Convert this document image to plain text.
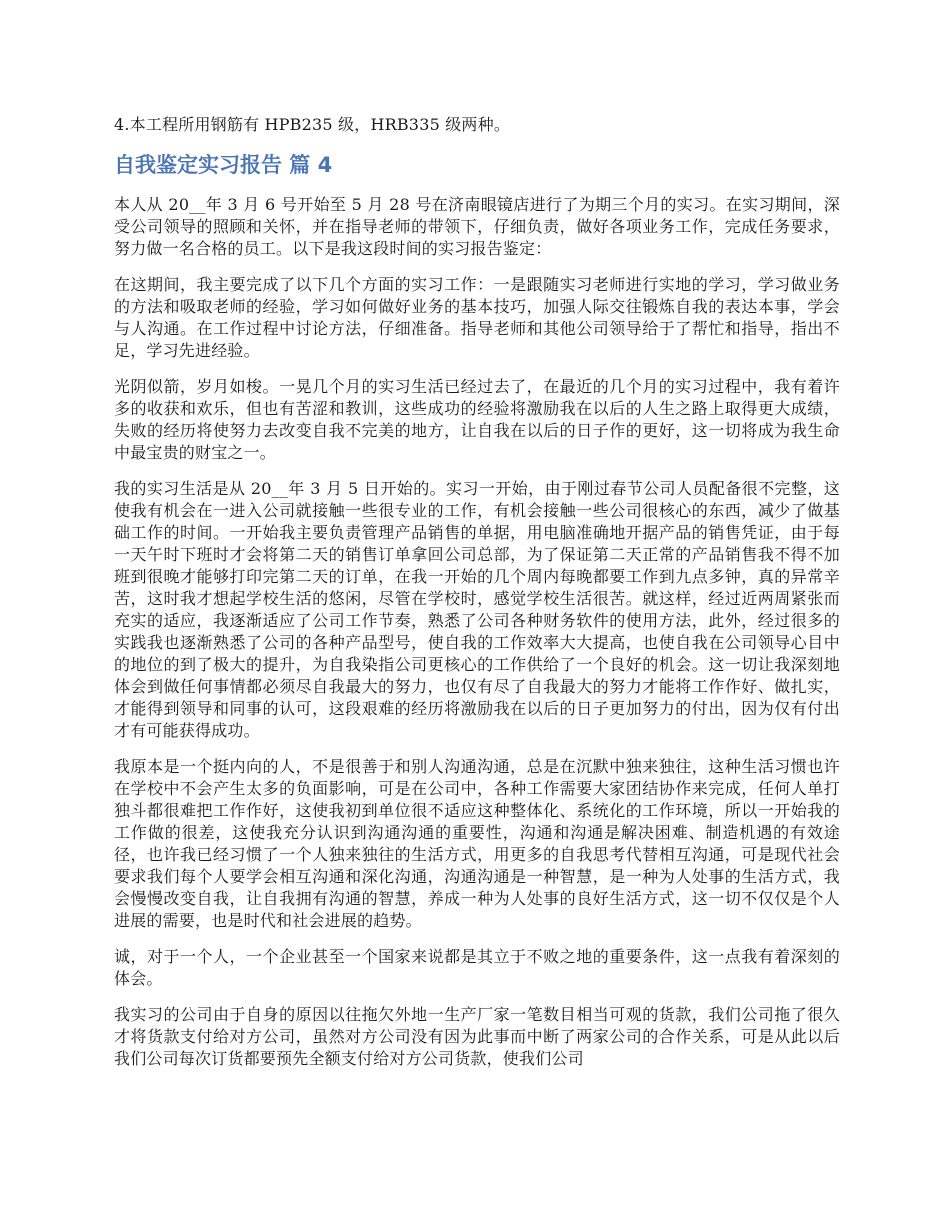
4.本工程所用钢筋有 HPB235 级，HRB335 级两种。

自我鉴定实习报告 篇 4

本人从 20__年 3 月 6 号开始至 5 月 28 号在济南眼镜店进行了为期三个月的实习。在实习期间，深受公司领导的照顾和关怀，并在指导老师的带领下，仔细负责，做好各项业务工作，完成任务要求，努力做一名合格的员工。以下是我这段时间的实习报告鉴定：

在这期间，我主要完成了以下几个方面的实习工作：一是跟随实习老师进行实地的学习，学习做业务的方法和吸取老师的经验，学习如何做好业务的基本技巧，加强人际交往锻炼自我的表达本事，学会与人沟通。在工作过程中讨论方法，仔细准备。指导老师和其他公司领导给于了帮忙和指导，指出不足，学习先进经验。

光阴似箭，岁月如梭。一晃几个月的实习生活已经过去了，在最近的几个月的实习过程中，我有着许多的收获和欢乐，但也有苦涩和教训，这些成功的经验将激励我在以后的人生之路上取得更大成绩，失败的经历将使努力去改变自我不完美的地方，让自我在以后的日子作的更好，这一切将成为我生命中最宝贵的财宝之一。

我的实习生活是从 20__年 3 月 5 日开始的。实习一开始，由于刚过春节公司人员配备很不完整，这使我有机会在一进入公司就接触一些很专业的工作，有机会接触一些公司很核心的东西，减少了做基础工作的时间。一开始我主要负责管理产品销售的单据，用电脑准确地开据产品的销售凭证，由于每一天午时下班时才会将第二天的销售订单拿回公司总部，为了保证第二天正常的产品销售我不得不加班到很晚才能够打印完第二天的订单，在我一开始的几个周内每晚都要工作到九点多钟，真的异常辛苦，这时我才想起学校生活的悠闲，尽管在学校时，感觉学校生活很苦。就这样，经过近两周紧张而充实的适应，我逐渐适应了公司工作节奏，熟悉了公司各种财务软件的使用方法，此外，经过很多的实践我也逐渐熟悉了公司的各种产品型号，使自我的工作效率大大提高，也使自我在公司领导心目中的地位的到了极大的提升，为自我染指公司更核心的工作供给了一个良好的机会。这一切让我深刻地体会到做任何事情都必须尽自我最大的努力，也仅有尽了自我最大的努力才能将工作作好、做扎实，才能得到领导和同事的认可，这段艰难的经历将激励我在以后的日子更加努力的付出，因为仅有付出才有可能获得成功。

我原本是一个挺内向的人，不是很善于和别人沟通沟通，总是在沉默中独来独往，这种生活习惯也许在学校中不会产生太多的负面影响，可是在公司中，各种工作需要大家团结协作来完成，任何人单打独斗都很难把工作作好，这使我初到单位很不适应这种整体化、系统化的工作环境，所以一开始我的工作做的很差，这使我充分认识到沟通沟通的重要性，沟通和沟通是解决困难、制造机遇的有效途径，也许我已经习惯了一个人独来独往的生活方式，用更多的自我思考代替相互沟通，可是现代社会要求我们每个人要学会相互沟通和深化沟通，沟通沟通是一种智慧，是一种为人处事的生活方式，我会慢慢改变自我，让自我拥有沟通的智慧，养成一种为人处事的良好生活方式，这一切不仅仅是个人进展的需要，也是时代和社会进展的趋势。

诚，对于一个人，一个企业甚至一个国家来说都是其立于不败之地的重要条件，这一点我有着深刻的体会。

我实习的公司由于自身的原因以往拖欠外地一生产厂家一笔数目相当可观的货款，我们公司拖了很久才将货款支付给对方公司，虽然对方公司没有因为此事而中断了两家公司的合作关系，可是从此以后我们公司每次订货都要预先全额支付给对方公司货款，使我们公司
